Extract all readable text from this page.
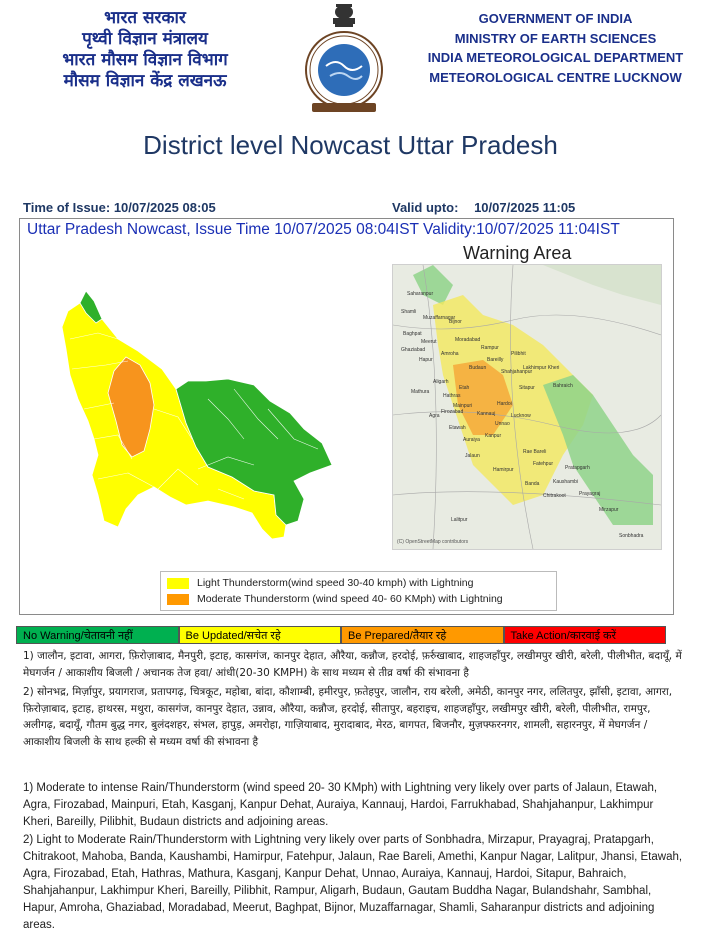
भारत सरकार
पृथ्वी विज्ञान मंत्रालय
भारत मौसम विज्ञान विभाग
मौसम विज्ञान केंद्र लखनऊ
GOVERNMENT OF INDIA
MINISTRY OF EARTH SCIENCES
INDIA METEOROLOGICAL DEPARTMENT
METEOROLOGICAL CENTRE LUCKNOW
District level Nowcast Uttar Pradesh
Time of Issue: 10/07/2025 08:05	Valid upto: 10/07/2025 11:05
Uttar Pradesh Nowcast, Issue Time 10/07/2025 08:04IST Validity:10/07/2025 11:04IST
Warning Area
Saharanpur
Shamli
Muzaffarnagar
Bijnor
Baghpat
Meerut	Moradabad
Rampur
Ghaziabad
Hapur
Amroha
Bareilly
Pilibhit
Budaun
Aligarh
Mathura
Hathras
Etah
Agra
Shahjahanpur
Lakhimpur Kheri
Bahraich
Sitapur
Hardoi
Kannauj
Mainpuri
Firozabad
Etawah
Auraiya
Unnao
Lucknow
Kanpur
Rae Bareli
Jalaun
Hamirpur
Fatehpur
Pratapgarh
Banda	Kaushambi
Chitrakoot
Lalitpur
Prayagraj
Mirzapur
Sonbhadra
(C) OpenStreetMap contributors
Light Thunderstorm(wind speed 30-40 kmph) with Lightning
Moderate Thunderstorm (wind speed 40- 60 KMph) with Lightning
No Warning/चेतावनी नहीं	Be Updated/सचेत रहे	Be Prepared/तैयार रहे	Take Action/कारवाई करें
1) जालौन, इटावा, आगरा, फ़िरोज़ाबाद, मैनपुरी, इटाह, कासगंज, कानपुर देहात, औरैया, कन्नौज, हरदोई, फ़र्रुखाबाद, शाहजहाँपुर, लखीमपुर खीरी, बरेली, पीलीभीत, बदायूँ, में मेघगर्जन / आकाशीय बिजली / अचानक तेज हवा/ आंधी(20-30 KMPH) के साथ मध्यम से तीव्र वर्षा की संभावना है
2) सोनभद्र, मिर्ज़ापुर, प्रयागराज, प्रतापगढ़, चित्रकूट, महोबा, बांदा, कौशाम्बी, हमीरपुर, फ़तेहपुर, जालौन, राय बरेली, अमेठी, कानपुर नगर, ललितपुर, झाँसी, इटावा, आगरा, फ़िरोज़ाबाद, इटाह, हाथरस, मथुरा, कासगंज, कानपुर देहात, उन्नाव, औरैया, कन्नौज, हरदोई, सीतापुर, बहराइच, शाहजहाँपुर, लखीमपुर खीरी, बरेली, पीलीभीत, रामपुर, अलीगढ़, बदायूँ, गौतम बुद्ध नगर, बुलंदशहर, संभल, हापुड़, अमरोहा, गाज़ियाबाद, मुरादाबाद, मेरठ, बागपत, बिजनौर, मुज़फ्फरनगर, शामली, सहारनपुर, में मेघगर्जन / आकाशीय बिजली के साथ हल्की से मध्यम वर्षा की संभावना है
1) Moderate to intense Rain/Thunderstorm (wind speed 20- 30 KMph) with Lightning very likely over parts of Jalaun, Etawah, Agra, Firozabad, Mainpuri, Etah, Kasganj, Kanpur Dehat, Auraiya, Kannauj, Hardoi, Farrukhabad, Shahjahanpur, Lakhimpur Kheri, Bareilly, Pilibhit, Budaun districts and adjoining areas.
2) Light to Moderate Rain/Thunderstorm with Lightning very likely over parts of Sonbhadra, Mirzapur, Prayagraj, Pratapgarh, Chitrakoot, Mahoba, Banda, Kaushambi, Hamirpur, Fatehpur, Jalaun, Rae Bareli, Amethi, Kanpur Nagar, Lalitpur, Jhansi, Etawah, Agra, Firozabad, Etah, Hathras, Mathura, Kasganj, Kanpur Dehat, Unnao, Auraiya, Kannauj, Hardoi, Sitapur, Bahraich, Shahjahanpur, Lakhimpur Kheri, Bareilly, Pilibhit, Rampur, Aligarh, Budaun, Gautam Buddha Nagar, Bulandshahr, Sambhal, Hapur, Amroha, Ghaziabad, Moradabad, Meerut, Baghpat, Bijnor, Muzaffarnagar, Shamli, Saharanpur districts and adjoining areas.
